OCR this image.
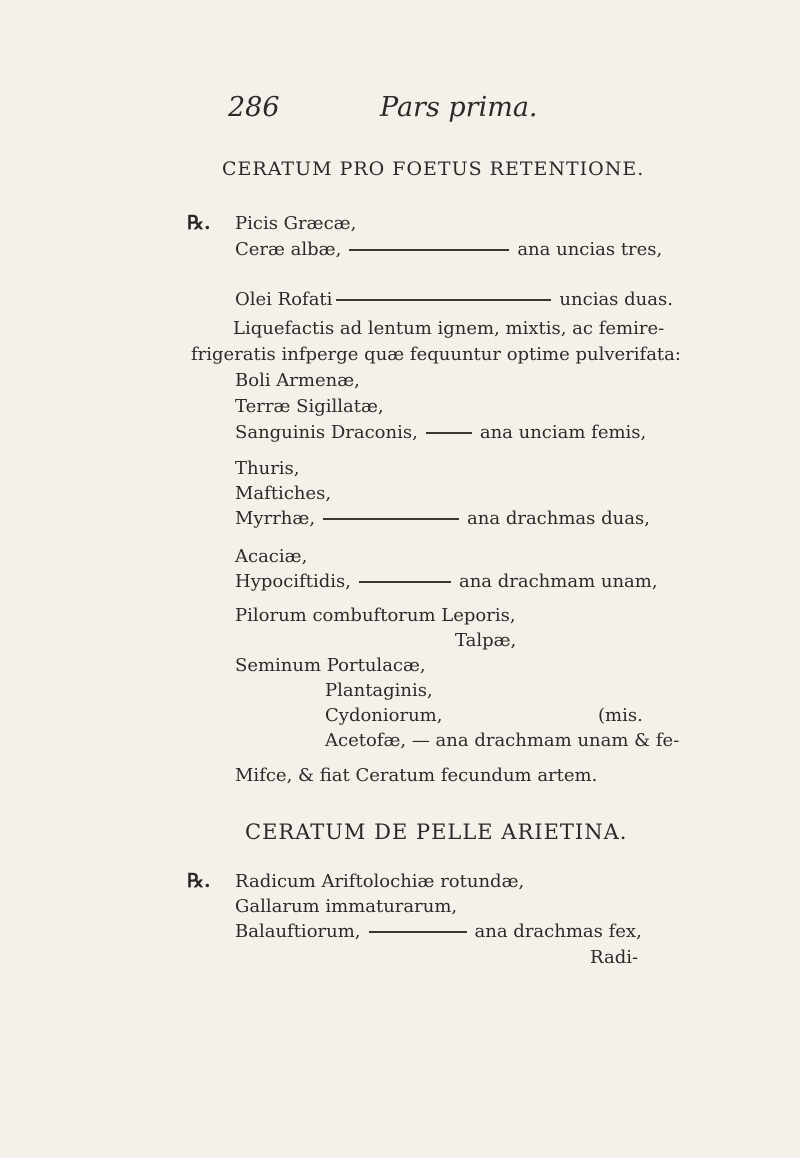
286	Pars prima.
CERATUM PRO FOETUS RETENTIONE.
℞. Picis Græcæ,
Ceræ albæ,	ana uncias tres,
Olei Rofati	uncias duas.
Liquefactis ad lentum ignem, mixtis, ac femire-
frigeratis infperge quæ fequuntur optime pulverifata:
Boli Armenæ,
Terræ Sigillatæ,
Sanguinis Draconis,	ana unciam femis,
Thuris,
Maftiches,
Myrrhæ,	ana drachmas duas,
Acaciæ,
Hypociftidis,	ana drachmam unam,
Pilorum combuftorum Leporis,
Talpæ,
Seminum Portulacæ,
Plantaginis,
Cydoniorum,	(mis.
Acetofæ, — ana drachmam unam & fe-
Mifce, & fiat Ceratum fecundum artem.
CERATUM DE PELLE ARIETINA.
℞. Radicum Ariftolochiæ rotundæ,
Gallarum immaturarum,
Balauftiorum,	ana drachmas fex,
Radi-
